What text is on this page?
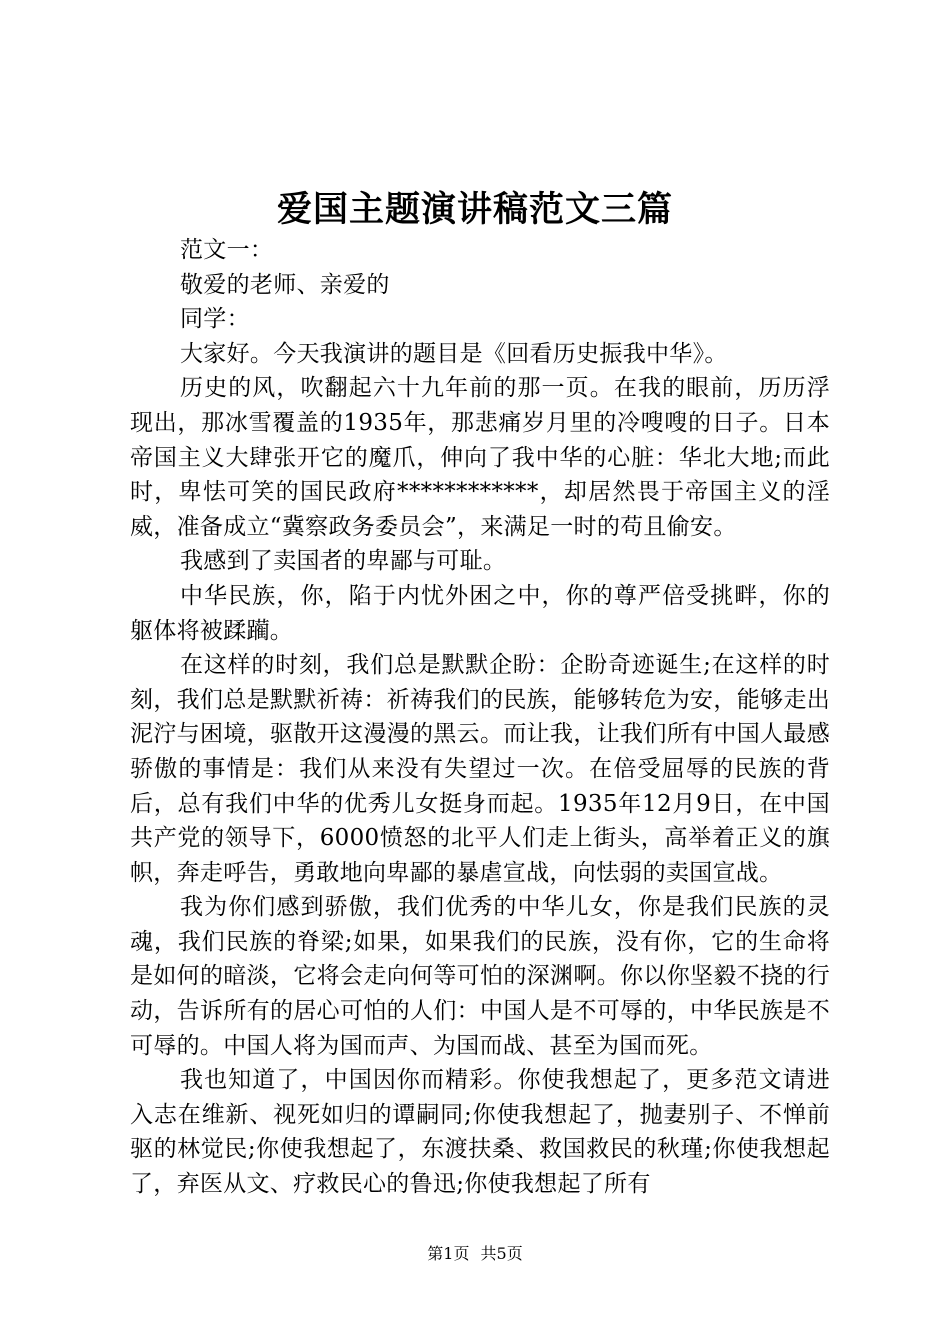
爱国主题演讲稿范文三篇

范文一：

敬爱的老师、亲爱的

同学：

大家好。今天我演讲的题目是《回看历史振我中华》。

历史的风，吹翻起六十九年前的那一页。在我的眼前，历历浮现出，那冰雪覆盖的1935年，那悲痛岁月里的冷嗖嗖的日子。日本帝国主义大肆张开它的魔爪，伸向了我中华的心脏：华北大地;而此时，卑怯可笑的国民政府************，却居然畏于帝国主义的淫威，准备成立“冀察政务委员会”，来满足一时的苟且偷安。

我感到了卖国者的卑鄙与可耻。

中华民族，你，陷于内忧外困之中，你的尊严倍受挑畔，你的躯体将被蹂躏。

在这样的时刻，我们总是默默企盼：企盼奇迹诞生;在这样的时刻，我们总是默默祈祷：祈祷我们的民族，能够转危为安，能够走出泥泞与困境，驱散开这漫漫的黑云。而让我，让我们所有中国人最感骄傲的事情是：我们从来没有失望过一次。在倍受屈辱的民族的背后，总有我们中华的优秀儿女挺身而起。1935年12月9日，在中国共产党的领导下，6000愤怒的北平人们走上街头，高举着正义的旗帜，奔走呼告，勇敢地向卑鄙的暴虐宣战，向怯弱的卖国宣战。

我为你们感到骄傲，我们优秀的中华儿女，你是我们民族的灵魂，我们民族的脊梁;如果，如果我们的民族，没有你，它的生命将是如何的暗淡，它将会走向何等可怕的深渊啊。你以你坚毅不挠的行动，告诉所有的居心可怕的人们：中国人是不可辱的，中华民族是不可辱的。中国人将为国而声、为国而战、甚至为国而死。

我也知道了，中国因你而精彩。你使我想起了，更多范文请进入志在维新、视死如归的谭嗣同;你使我想起了，抛妻别子、不惮前驱的林觉民;你使我想起了，东渡扶桑、救国救民的秋瑾;你使我想起了，弃医从文、疗救民心的鲁迅;你使我想起了所有

第1页 共5页
